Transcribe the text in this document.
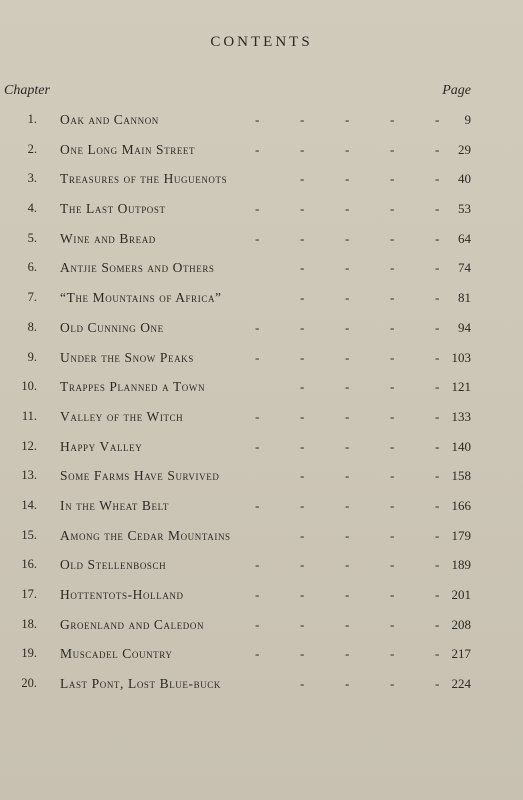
CONTENTS
Chapter	Page
1. Oak and Cannon	-	-	-	-	- 9
2. One Long Main Street	-	-	-	-	- 29
3. Treasures of the Huguenots	-	-	-	- 40
4. The Last Outpost	-	-	-	-	- 53
5. Wine and Bread	-	-	-	-	- 64
6. Antjie Somers and Others	-	-	-	- 74
7. “The Mountains of Africa”	-	-	-	- 81
8. Old Cunning One	-	-	-	-	- 94
9. Under the Snow Peaks	-	-	-	-	- 103
10. Trappes Planned a Town	-	-	-	- 121
11. Valley of the Witch	-	-	-	-	- 133
12. Happy Valley	-	-	-	-	- 140
13. Some Farms Have Survived	-	-	-	- 158
14. In the Wheat Belt	-	-	-	-	- 166
15. Among the Cedar Mountains	-	-	-	- 179
16. Old Stellenbosch	-	-	-	-	- 189
17. Hottentots-Holland	-	-	-	-	- 201
18. Groenland and Caledon	-	-	-	-	- 208
19. Muscadel Country	-	-	-	-	- 217
20. Last Pont, Lost Blue-buck	-	-	-	- 224
